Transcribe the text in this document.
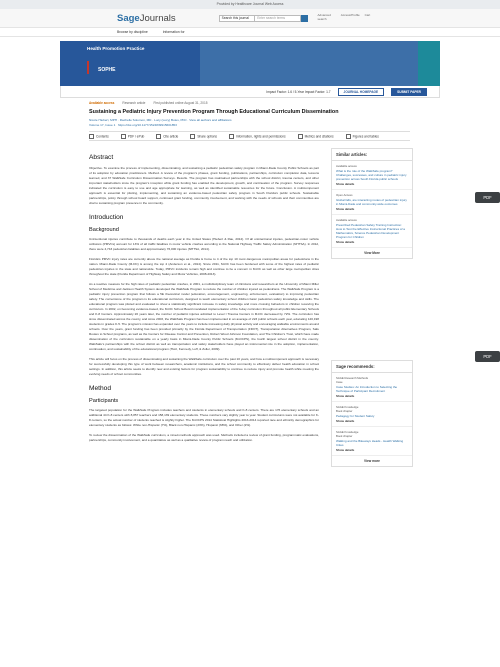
Provided by Healthcare Journal Web Access
SageJournals	Search this journal	Enter search terms
Advanced search
Access/Profile	Cart
Browse by discipline	Information for
Health Promotion Practice
SOPHE
Impact Factor: 1.6 / 5-Year Impact Factor: 1.7	JOURNAL HOMEPAGE	SUBMIT PAPER
PDF
PDF
Available access	Research article	First published online August 31, 2015
Sustaining a Pediatric Injury Prevention Program Through Educational Curriculum Dissemination
Nicole Hiebert, MPH · Rachelle Solomon, MD · Lucy (Lucy) Boles, PhD · View all authors and affiliations
Volume 17, Issue 1 https://doi.org/10.1177/1524839915601853
Contents	PDF / ePub	Cite article	Share options	Information, rights and permissions	Metrics and citations	Figures and tables
Abstract

Objective. To examine the process of implementing, disseminating, and sustaining a pediatric pedestrian safety program in Miami-Dade County Public Schools as part of its adoption by education practitioners. Method. A review of the program's phases, grant funding, publications, partnerships, curriculum completion data, lessons learned, and 37 WalkSafe Curriculum Dissemination Surveys. Results. The program has maintained partnerships with the school district, trauma centers, and other important stakeholders since the program's inception while grant funding has enabled the development, growth, and continuation of the program. Survey responses indicated the curriculum is easy to use and age appropriate for learning, as well as identified sustainable resources for the future. Conclusion. A multicomponent approach is essential for piloting, implementing, and sustaining an evidence-based pedestrian safety program in South Florida's public schools. Sustainable partnerships, policy through school board support, continued grant funding, community involvement, and working with the needs of schools and their communities are vital to sustaining program presence in the community.

Introduction
Background

Unintentional injuries contribute to thousands of deaths each year in the United States (Hiebert & Rau, 2012). Of all unintentional injuries, pedestrian-motor vehicle collisions (PMVCs) account for 13% of all traffic fatalities in motor vehicle crashes according to the National Highway Traffic Safety Administration (NHTSA). In 2012, there were 4,743 pedestrian fatalities and approximately 76,000 injuries (NHTSA, 2014).

Florida's PMVC injury rates are currently above the national average as Florida is home to 4 of the top 10 most dangerous metropolitan areas for pedestrians in the nation. Miami-Dade County (M-DC) is among the top 4 (Anderson et al., 2014). Since 2011, M-DC has been burdened with some of the highest rates of pediatric pedestrian injuries in the state and nationwide. Today, PMVC incidents remain high and continue to be a concern in M-DC as well as other large metropolitan cities throughout the state (Florida Department of Highway Safety and Motor Vehicles, 2008-2013).

As a reactive measure for the high rates of pediatric pedestrian crashes, in 2001, a multidisciplinary team of clinicians and researchers at the University of Miami Miller School of Medicine and Jackson Health System developed the WalkSafe Program to reduce the number of children injured as pedestrians. The WalkSafe Program is a pediatric injury prevention program that follows a 5E theoretical model (education, encouragement, engineering, enforcement, evaluation) to improving pedestrian safety. The cornerstone of the program is its educational curriculum, designed to teach elementary school children basic pedestrian safety knowledge and skills. The educational program was piloted and evaluated to show a statistically significant increase in safety knowledge and more crossing behaviors in children receiving the curriculum. In 2002, on becoming evidence-based, the M-DC School Board mandated implementation of the 3-day curriculum throughout all public Elementary Schools and K-8 Centers. Approximately 20 years later, the number of pediatric injuries admitted to Level I Trauma Centers in M-DC decreased by 72%. The curriculum has since disseminated across the county, and since 2003, the WalkSafe Program has been implemented in an average of 223 public schools each year, educating 120,198 students in grades K-5. The program's mission has expanded over the years to include increasing daily physical activity and encouraging walkable environments around schools. Over the years, grant funding has been provided primarily by the Florida Department of Transportation (FDOT), Transportation Alternatives Program, Safe Routes to School programs, as well as the Centers for Disease Control and Prevention, Robert Wood Johnson Foundation, and The Children's Trust, which have made dissemination of the curriculum sustainable on a yearly basis in Miami-Dade County Public Schools (M-DCPS), the fourth largest school district in the country. WalkSafe's partnerships with the school district as well as transportation and safety stakeholders have played an instrumental role in the adoption, implementation, continuation, and sustainability of the educational program (Hotz, Kennedy, Luff, & Zoller, 2009).

This article will focus on the process of disseminating and sustaining the WalkSafe curriculum over the past 10 years, and how a multicomponent approach is necessary for successfully developing this type of work between researchers, academic institutions, and the school community to effectively deliver health education in school settings. In addition, this article seeks to identify new and existing factors for program sustainability to continue to reduce injury and promote health while meeting the evolving needs of school communities.

Method
Participants

The targeted population for the WalkSafe Program includes teachers and students in elementary schools and K-8 centers. There are 176 elementary schools and an additional 44 K-8 centers with 8,857 teachers and 158,139 elementary students. These numbers vary slightly year to year. Student curriculums were not available for K-8 centers, so the actual number of students reached is slightly higher. The M-DCPS 2014 Statistical Highlights 2013-2014 reported race and ethnicity demographics for elementary students as follows: White non-Hispanic (7%), Black non-Hispanic (23%), Hispanic (68%), and Other (2%).

To review the dissemination of the WalkSafe curriculum, a mixed-methods approach was used. Methods included a review of grant funding, programmatic evaluations, partnerships, community involvement, and a quantitative as well as a qualitative review of program reach and utilization.

Similar articles:
Available access
What is the role of the WalkSafe program? Challenges, successes, and culture in pediatric injury prevention across South Florida public schools
Show details
Open Access
Global falls, are interacting routes of pedestrian injury in Miami-Dade and community-wide outcomes
Show details
Available access
Prescribed Pedestrian Safety Training Instruction: How to Test the Effective Instructional Practices of a Mathematics, Science Pedestrian Development Program for Children
Show details
View More
Sage recommends:
SAGE Research Methods
Case
Case Studies: An Introduction to Selecting the Technique of Participant Recruitment
Show details
SAGE Knowledge
Book chapter
Pedagogy for Student Safety
Show details
SAGE Knowledge
Book chapter
Walking and the Bikeways Heads - Health Walking Cities
Show details
View more
